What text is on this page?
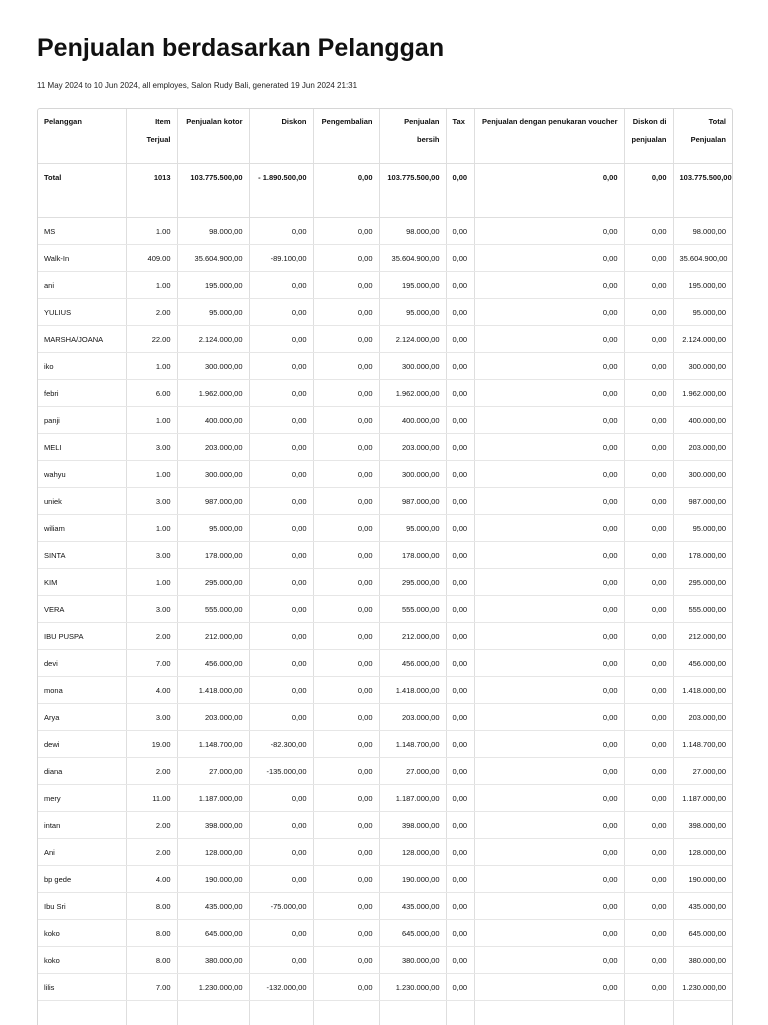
Penjualan berdasarkan Pelanggan
11 May 2024 to 10 Jun 2024, all employes, Salon Rudy Bali, generated 19 Jun 2024 21:31
Pelanggan	Item Terjual	Penjualan kotor	Diskon	Pengembalian	Penjualan bersih	Tax	Penjualan dengan penukaran voucher	Diskon di penjualan	Total Penjualan
Total	1013	103.775.500,00	- 1.890.500,00	0,00	103.775.500,00	0,00	0,00	0,00	103.775.500,00
MS	1.00	98.000,00	0,00	0,00	98.000,00	0,00	0,00	0,00	98.000,00
Walk-In	409.00	35.604.900,00	-89.100,00	0,00	35.604.900,00	0,00	0,00	0,00	35.604.900,00
ani	1.00	195.000,00	0,00	0,00	195.000,00	0,00	0,00	0,00	195.000,00
YULIUS	2.00	95.000,00	0,00	0,00	95.000,00	0,00	0,00	0,00	95.000,00
MARSHA/JOANA	22.00	2.124.000,00	0,00	0,00	2.124.000,00	0,00	0,00	0,00	2.124.000,00
iko	1.00	300.000,00	0,00	0,00	300.000,00	0,00	0,00	0,00	300.000,00
febri	6.00	1.962.000,00	0,00	0,00	1.962.000,00	0,00	0,00	0,00	1.962.000,00
panji	1.00	400.000,00	0,00	0,00	400.000,00	0,00	0,00	0,00	400.000,00
MELI	3.00	203.000,00	0,00	0,00	203.000,00	0,00	0,00	0,00	203.000,00
wahyu	1.00	300.000,00	0,00	0,00	300.000,00	0,00	0,00	0,00	300.000,00
uniek	3.00	987.000,00	0,00	0,00	987.000,00	0,00	0,00	0,00	987.000,00
wiliam	1.00	95.000,00	0,00	0,00	95.000,00	0,00	0,00	0,00	95.000,00
SINTA	3.00	178.000,00	0,00	0,00	178.000,00	0,00	0,00	0,00	178.000,00
KIM	1.00	295.000,00	0,00	0,00	295.000,00	0,00	0,00	0,00	295.000,00
VERA	3.00	555.000,00	0,00	0,00	555.000,00	0,00	0,00	0,00	555.000,00
IBU PUSPA	2.00	212.000,00	0,00	0,00	212.000,00	0,00	0,00	0,00	212.000,00
devi	7.00	456.000,00	0,00	0,00	456.000,00	0,00	0,00	0,00	456.000,00
mona	4.00	1.418.000,00	0,00	0,00	1.418.000,00	0,00	0,00	0,00	1.418.000,00
Arya	3.00	203.000,00	0,00	0,00	203.000,00	0,00	0,00	0,00	203.000,00
dewi	19.00	1.148.700,00	-82.300,00	0,00	1.148.700,00	0,00	0,00	0,00	1.148.700,00
diana	2.00	27.000,00	-135.000,00	0,00	27.000,00	0,00	0,00	0,00	27.000,00
mery	11.00	1.187.000,00	0,00	0,00	1.187.000,00	0,00	0,00	0,00	1.187.000,00
intan	2.00	398.000,00	0,00	0,00	398.000,00	0,00	0,00	0,00	398.000,00
Ani	2.00	128.000,00	0,00	0,00	128.000,00	0,00	0,00	0,00	128.000,00
bp gede	4.00	190.000,00	0,00	0,00	190.000,00	0,00	0,00	0,00	190.000,00
Ibu Sri	8.00	435.000,00	-75.000,00	0,00	435.000,00	0,00	0,00	0,00	435.000,00
koko	8.00	645.000,00	0,00	0,00	645.000,00	0,00	0,00	0,00	645.000,00
koko	8.00	380.000,00	0,00	0,00	380.000,00	0,00	0,00	0,00	380.000,00
lilis	7.00	1.230.000,00	-132.000,00	0,00	1.230.000,00	0,00	0,00	0,00	1.230.000,00
